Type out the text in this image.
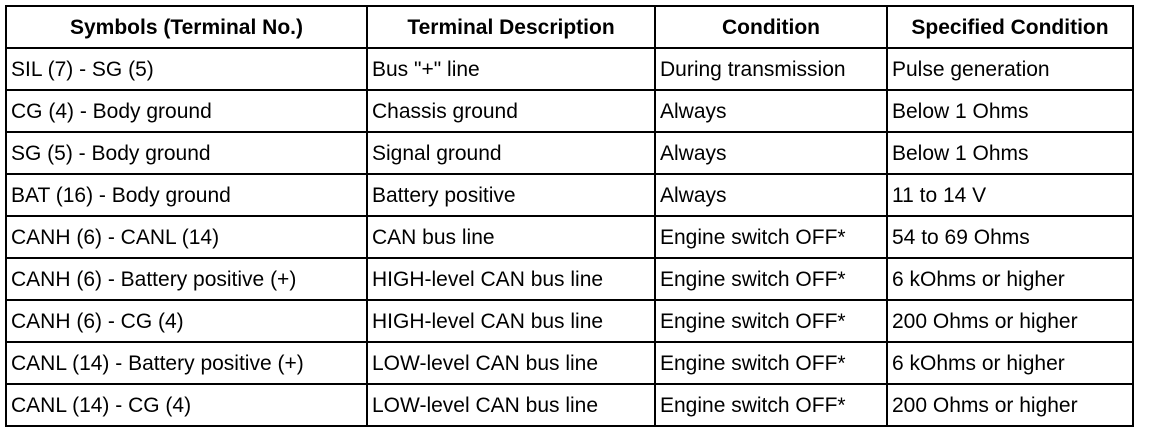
Symbols (Terminal No.)	Terminal Description	Condition	Specified Condition
SIL (7) - SG (5)	Bus "+" line	During transmission	Pulse generation
CG (4) - Body ground	Chassis ground	Always	Below 1 Ohms
SG (5) - Body ground	Signal ground	Always	Below 1 Ohms
BAT (16) - Body ground	Battery positive	Always	11 to 14 V
CANH (6) - CANL (14)	CAN bus line	Engine switch OFF*	54 to 69 Ohms
CANH (6) - Battery positive (+)	HIGH-level CAN bus line	Engine switch OFF*	6 kOhms or higher
CANH (6) - CG (4)	HIGH-level CAN bus line	Engine switch OFF*	200 Ohms or higher
CANL (14) - Battery positive (+)	LOW-level CAN bus line	Engine switch OFF*	6 kOhms or higher
CANL (14) - CG (4)	LOW-level CAN bus line	Engine switch OFF*	200 Ohms or higher
